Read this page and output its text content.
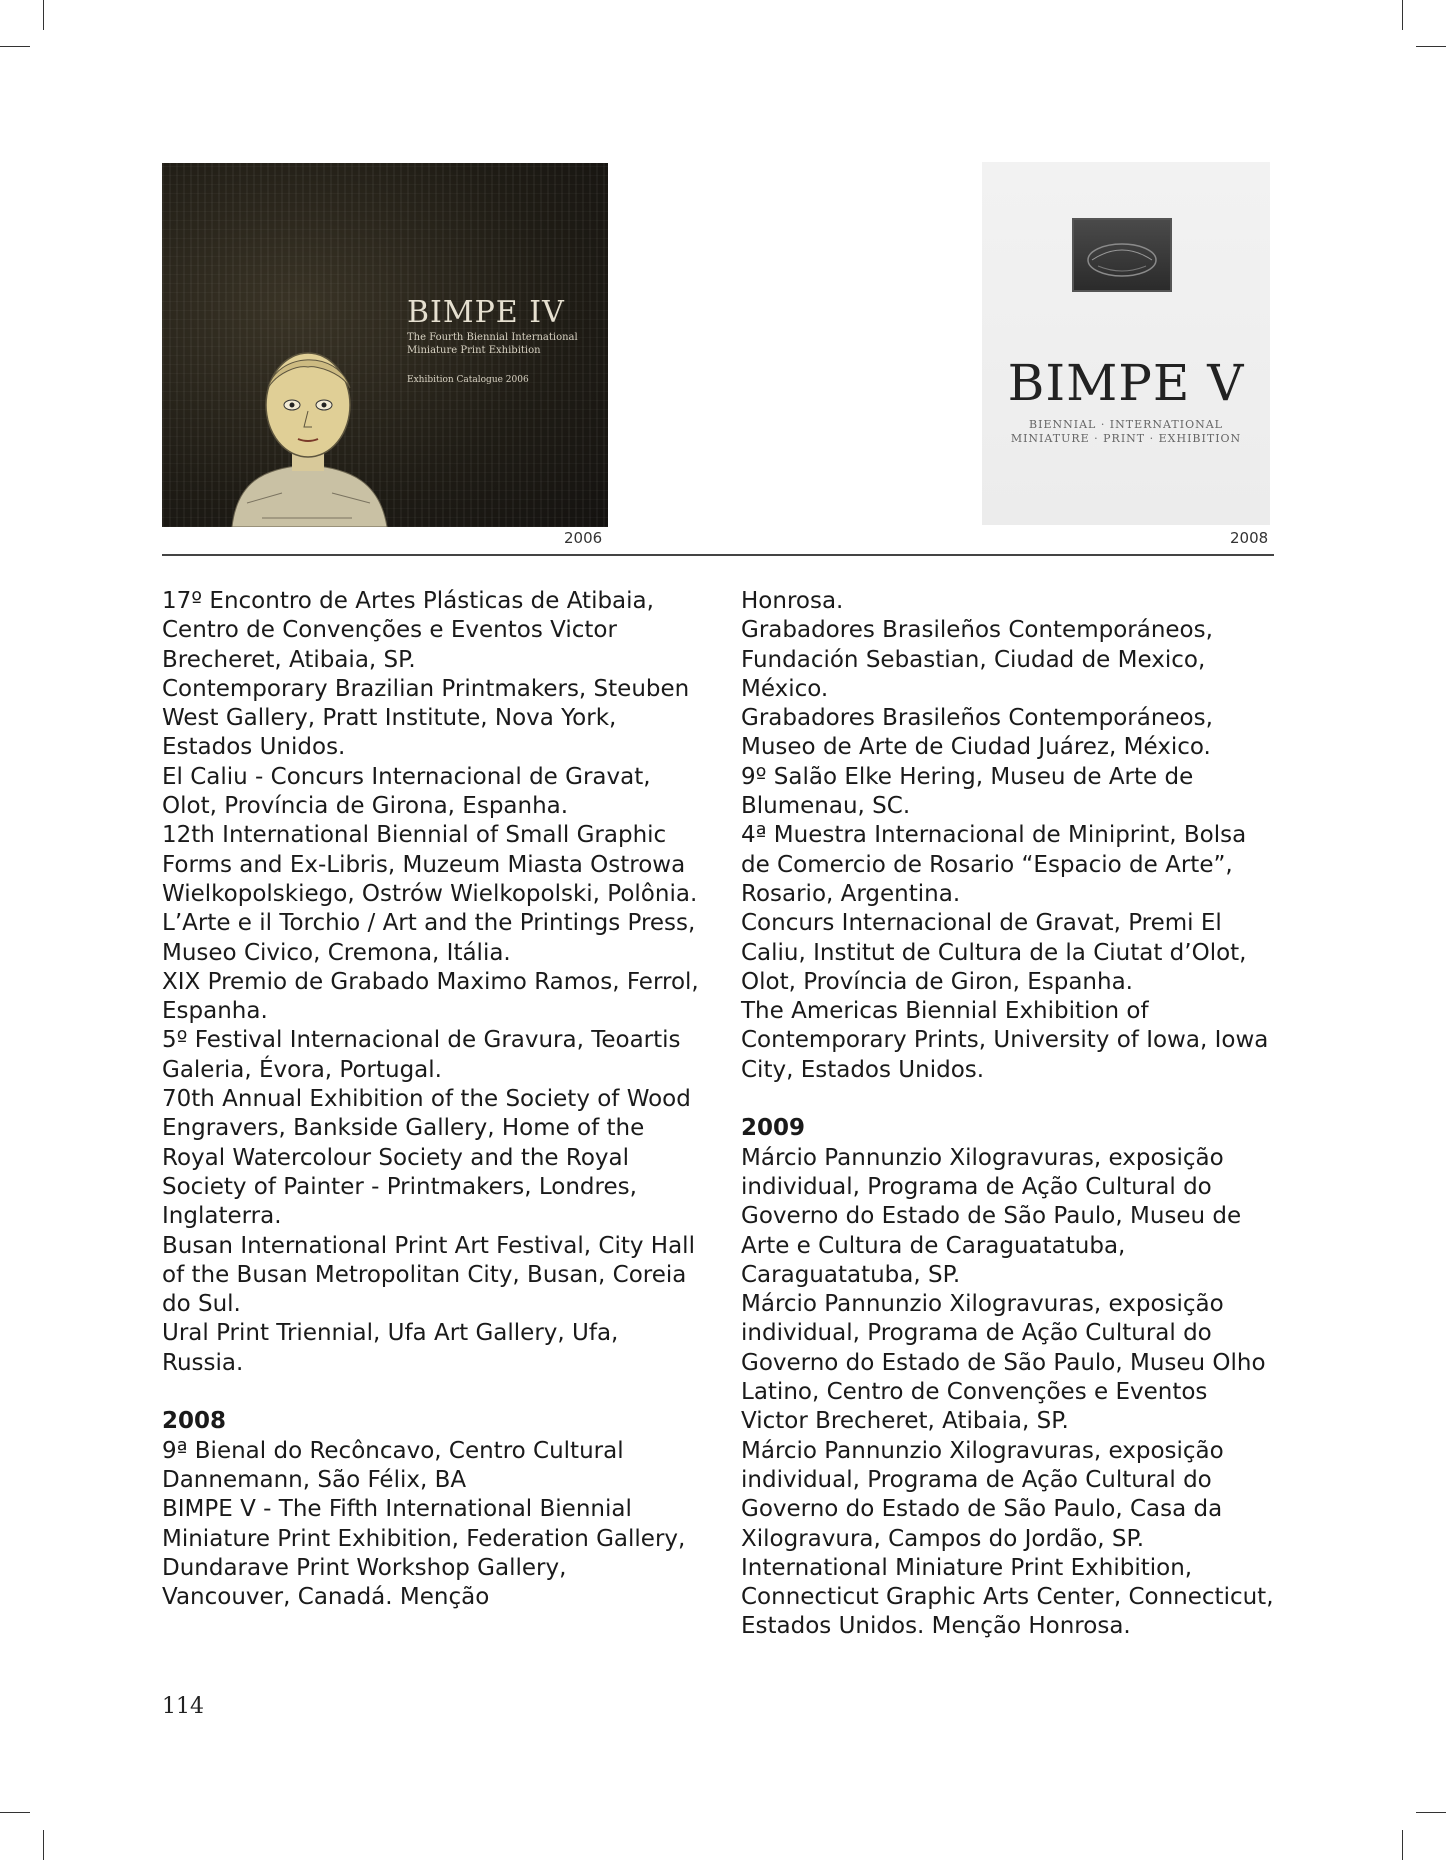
BIMPE IV
The Fourth Biennial International Miniature Print Exhibition
Exhibition Catalogue 2006
2006
BIMPE V
BIENNIAL · INTERNATIONAL
MINIATURE · PRINT · EXHIBITION
2008

17º Encontro de Artes Plásticas de Atibaia, Centro de Convenções e Eventos Victor Brecheret, Atibaia, SP.

Contemporary Brazilian Printmakers, Steuben West Gallery, Pratt Institute, Nova York, Estados Unidos.

El Caliu - Concurs Internacional de Gravat, Olot, Província de Girona, Espanha.

12th International Biennial of Small Graphic Forms and Ex-Libris, Muzeum Miasta Ostrowa Wielkopolskiego, Ostrów Wielkopolski, Polônia.

L’Arte e il Torchio / Art and the Printings Press, Museo Civico, Cremona, Itália.

XIX Premio de Grabado Maximo Ramos, Ferrol, Espanha.

5º Festival Internacional de Gravura, Teoartis Galeria, Évora, Portugal.

70th Annual Exhibition of the Society of Wood Engravers, Bankside Gallery, Home of the Royal Watercolour Society and the Royal Society of Painter - Printmakers, Londres, Inglaterra.

Busan International Print Art Festival, City Hall of the Busan Metropolitan City, Busan, Coreia do Sul.

Ural Print Triennial, Ufa Art Gallery, Ufa, Russia.

2008

9ª Bienal do Recôncavo, Centro Cultural Dannemann, São Félix, BA

BIMPE V - The Fifth International Biennial Miniature Print Exhibition, Federation Gallery, Dundarave Print Workshop Gallery, Vancouver, Canadá. Menção

Honrosa.

Grabadores Brasileños Contemporáneos, Fundación Sebastian, Ciudad de Mexico, México.

Grabadores Brasileños Contemporáneos, Museo de Arte de Ciudad Juárez, México.

9º Salão Elke Hering, Museu de Arte de Blumenau, SC.

4ª Muestra Internacional de Miniprint, Bolsa de Comercio de Rosario “Espacio de Arte”, Rosario, Argentina.

Concurs Internacional de Gravat, Premi El Caliu, Institut de Cultura de la Ciutat d’Olot, Olot, Província de Giron, Espanha.

The Americas Biennial Exhibition of Contemporary Prints, University of Iowa, Iowa City, Estados Unidos.

2009

Márcio Pannunzio Xilogravuras, exposição individual, Programa de Ação Cultural do Governo do Estado de São Paulo, Museu de Arte e Cultura de Caraguatatuba, Caraguatatuba, SP.

Márcio Pannunzio Xilogravuras, exposição individual, Programa de Ação Cultural do Governo do Estado de São Paulo, Museu Olho Latino, Centro de Convenções e Eventos Victor Brecheret, Atibaia, SP.

Márcio Pannunzio Xilogravuras, exposição individual, Programa de Ação Cultural do Governo do Estado de São Paulo, Casa da Xilogravura, Campos do Jordão, SP.

International Miniature Print Exhibition, Connecticut Graphic Arts Center, Connecticut, Estados Unidos. Menção Honrosa.

114
